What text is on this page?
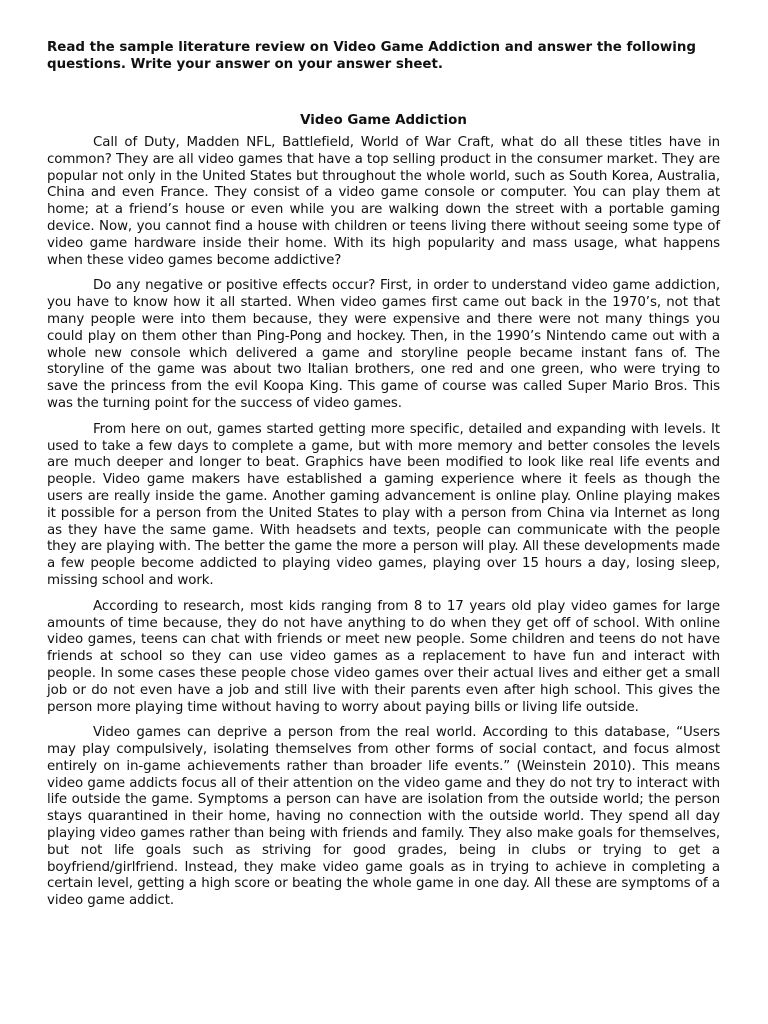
Read the sample literature review on Video Game Addiction and answer the following questions. Write your answer on your answer sheet.

Video Game Addiction

Call of Duty, Madden NFL, Battlefield, World of War Craft, what do all these titles have in common? They are all video games that have a top selling product in the consumer market. They are popular not only in the United States but throughout the whole world, such as South Korea, Australia, China and even France. They consist of a video game console or computer. You can play them at home; at a friend’s house or even while you are walking down the street with a portable gaming device. Now, you cannot find a house with children or teens living there without seeing some type of video game hardware inside their home. With its high popularity and mass usage, what happens when these video games become addictive?

Do any negative or positive effects occur? First, in order to understand video game addiction, you have to know how it all started. When video games first came out back in the 1970’s, not that many people were into them because, they were expensive and there were not many things you could play on them other than Ping-Pong and hockey. Then, in the 1990’s Nintendo came out with a whole new console which delivered a game and storyline people became instant fans of. The storyline of the game was about two Italian brothers, one red and one green, who were trying to save the princess from the evil Koopa King. This game of course was called Super Mario Bros. This was the turning point for the success of video games.

From here on out, games started getting more specific, detailed and expanding with levels. It used to take a few days to complete a game, but with more memory and better consoles the levels are much deeper and longer to beat. Graphics have been modified to look like real life events and people. Video game makers have established a gaming experience where it feels as though the users are really inside the game. Another gaming advancement is online play. Online playing makes it possible for a person from the United States to play with a person from China via Internet as long as they have the same game. With headsets and texts, people can communicate with the people they are playing with. The better the game the more a person will play. All these developments made a few people become addicted to playing video games, playing over 15 hours a day, losing sleep, missing school and work.

According to research, most kids ranging from 8 to 17 years old play video games for large amounts of time because, they do not have anything to do when they get off of school. With online video games, teens can chat with friends or meet new people. Some children and teens do not have friends at school so they can use video games as a replacement to have fun and interact with people. In some cases these people chose video games over their actual lives and either get a small job or do not even have a job and still live with their parents even after high school. This gives the person more playing time without having to worry about paying bills or living life outside.

Video games can deprive a person from the real world. According to this database, “Users may play compulsively, isolating themselves from other forms of social contact, and focus almost entirely on in-game achievements rather than broader life events.” (Weinstein 2010). This means video game addicts focus all of their attention on the video game and they do not try to interact with life outside the game. Symptoms a person can have are isolation from the outside world; the person stays quarantined in their home, having no connection with the outside world. They spend all day playing video games rather than being with friends and family. They also make goals for themselves, but not life goals such as striving for good grades, being in clubs or trying to get a boyfriend/girlfriend. Instead, they make video game goals as in trying to achieve in completing a certain level, getting a high score or beating the whole game in one day. All these are symptoms of a video game addict.
